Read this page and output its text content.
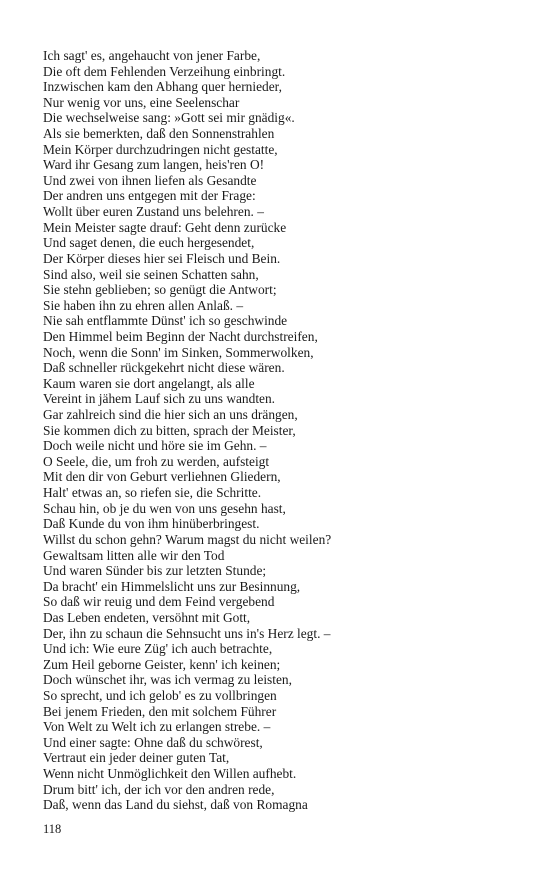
Ich sagt' es, angehaucht von jener Farbe,
Die oft dem Fehlenden Verzeihung einbringt.
Inzwischen kam den Abhang quer hernieder,
Nur wenig vor uns, eine Seelenschar
Die wechselweise sang: »Gott sei mir gnädig«.
Als sie bemerkten, daß den Sonnenstrahlen
Mein Körper durchzudringen nicht gestatte,
Ward ihr Gesang zum langen, heis'ren O!
Und zwei von ihnen liefen als Gesandte
Der andren uns entgegen mit der Frage:
Wollt über euren Zustand uns belehren. –
Mein Meister sagte drauf: Geht denn zurücke
Und saget denen, die euch hergesendet,
Der Körper dieses hier sei Fleisch und Bein.
Sind also, weil sie seinen Schatten sahn,
Sie stehn geblieben; so genügt die Antwort;
Sie haben ihn zu ehren allen Anlaß. –
Nie sah entflammte Dünst' ich so geschwinde
Den Himmel beim Beginn der Nacht durchstreifen,
Noch, wenn die Sonn' im Sinken, Sommerwolken,
Daß schneller rückgekehrt nicht diese wären.
Kaum waren sie dort angelangt, als alle
Vereint in jähem Lauf sich zu uns wandten.
Gar zahlreich sind die hier sich an uns drängen,
Sie kommen dich zu bitten, sprach der Meister,
Doch weile nicht und höre sie im Gehn. –
O Seele, die, um froh zu werden, aufsteigt
Mit den dir von Geburt verliehnen Gliedern,
Halt' etwas an, so riefen sie, die Schritte.
Schau hin, ob je du wen von uns gesehn hast,
Daß Kunde du von ihm hinüberbringest.
Willst du schon gehn? Warum magst du nicht weilen?
Gewaltsam litten alle wir den Tod
Und waren Sünder bis zur letzten Stunde;
Da bracht' ein Himmelslicht uns zur Besinnung,
So daß wir reuig und dem Feind vergebend
Das Leben endeten, versöhnt mit Gott,
Der, ihn zu schaun die Sehnsucht uns in's Herz legt. –
Und ich: Wie eure Züg' ich auch betrachte,
Zum Heil geborne Geister, kenn' ich keinen;
Doch wünschet ihr, was ich vermag zu leisten,
So sprecht, und ich gelob' es zu vollbringen
Bei jenem Frieden, den mit solchem Führer
Von Welt zu Welt ich zu erlangen strebe. –
Und einer sagte: Ohne daß du schwörest,
Vertraut ein jeder deiner guten Tat,
Wenn nicht Unmöglichkeit den Willen aufhebt.
Drum bitt' ich, der ich vor den andren rede,
Daß, wenn das Land du siehst, daß von Romagna
118
